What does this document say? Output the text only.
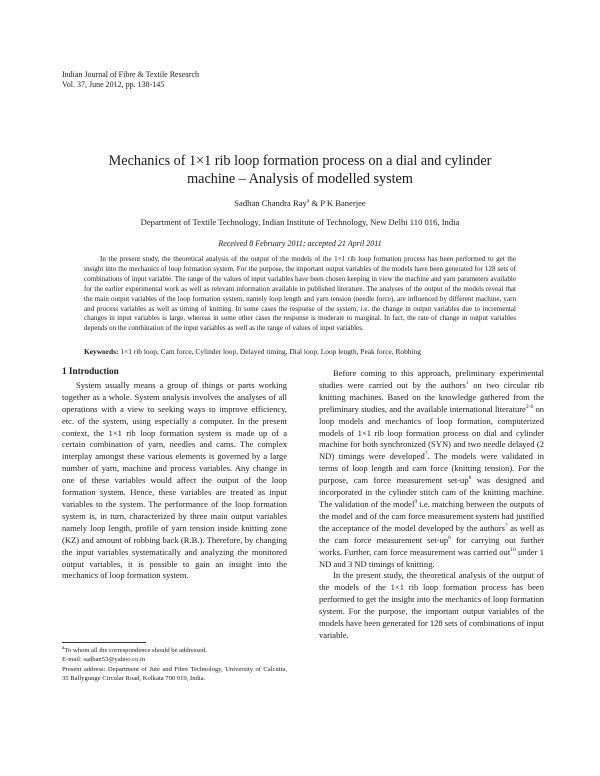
Indian Journal of Fibre & Textile Research
Vol. 37, June 2012, pp. 138-145
Mechanics of 1×1 rib loop formation process on a dial and cylinder
machine – Analysis of modelled system
Sadhan Chandra Ray$^a$ & P K Banerjee
Department of Textile Technology, Indian Institute of Technology, New Delhi 110 016, India
Received 8 February 2011; accepted 21 April 2011
In the present study, the theoretical analysis of the output of the models of the 1×1 rib loop formation process has been performed to get the insight into the mechanics of loop formation system. For the purpose, the important output variables of the models have been generated for 128 sets of combinations of input variable. The range of the values of input variables have been chosen keeping in view the machine and yarn parameters available for the earlier experimental work as well as relevant information available in published literature. The analyses of the output of the models reveal that the main output variables of the loop formation system, namely loop length and yarn tension (needle force), are influenced by different machine, yarn and process variables as well as timing of knitting. In some cases the response of the system, i.e. the change in output variables due to incremental changes in input variables is large, whereas in some other cases the response is moderate to marginal. In fact, the rate of change in output variables depends on the combination of the input variables as well as the range of values of input variables.
Keywords: 1×1 rib loop, Cam force, Cylinder loop, Delayed timing, Dial loop, Loop length, Peak force, Robbing
1 Introduction

System usually means a group of things or parts working together as a whole. System analysis involves the analyses of all operations with a view to seeking ways to improve efficiency, etc. of the system, using especially a computer. In the present context, the 1×1 rib loop formation system is made up of a certain combination of yarn, needles and cams. The complex interplay amongst these various elements is governed by a large number of yarn, machine and process variables. Any change in one of these variables would affect the output of the loop formation system. Hence, these variables are treated as input variables to the system. The performance of the loop formation system is, in turn, characterized by three main output variables namely loop length, profile of yarn tension inside knitting zone (KZ) and amount of robbing back (R.B.). Therefore, by changing the input variables systematically and analyzing the monitored output variables, it is possible to gain an insight into the mechanics of loop formation system.

Before coming to this approach, preliminary experimental studies were carried out by the authors$^1$ on two circular rib knitting machines. Based on the knowledge gathered from the preliminary studies, and the available international literature$^{2-6}$ on loop models and mechanics of loop formation, computerized models of 1×1 rib loop formation process on dial and cylinder machine for both synchronized (SYN) and two needle delayed (2 ND) timings were developed$^7$. The models were validated in terms of loop length and cam force (knitting tension). For the purpose, cam force measurement set-$up^8$ was designed and incorporated in the cylinder stitch cam of the knitting machine. The validation of the model$^9$ i.e. matching between the outputs of the model and of the cam force measurement system had justified the acceptance of the model developed by the authors$^7$ as well as the cam force measurement set-$up^8$ for carrying out further works. Further, cam force measurement was carried out$^{10}$ under 1 ND and 3 ND timings of knitting.

In the present study, the theoretical analysis of the output of the models of the 1×1 rib loop formation process has been performed to get the insight into the mechanics of loop formation system. For the purpose, the important output variables of the models have been generated for 128 sets of combinations of input variable.

$^a$To whom all the correspondence should be addressed.

E-mail: sadhan53@yahoo.co.in

Present address: Department of Jute and Fibre Technology, University of Calcutta, 35 Ballygunge Circular Road, Kolkata 700 019, India.
